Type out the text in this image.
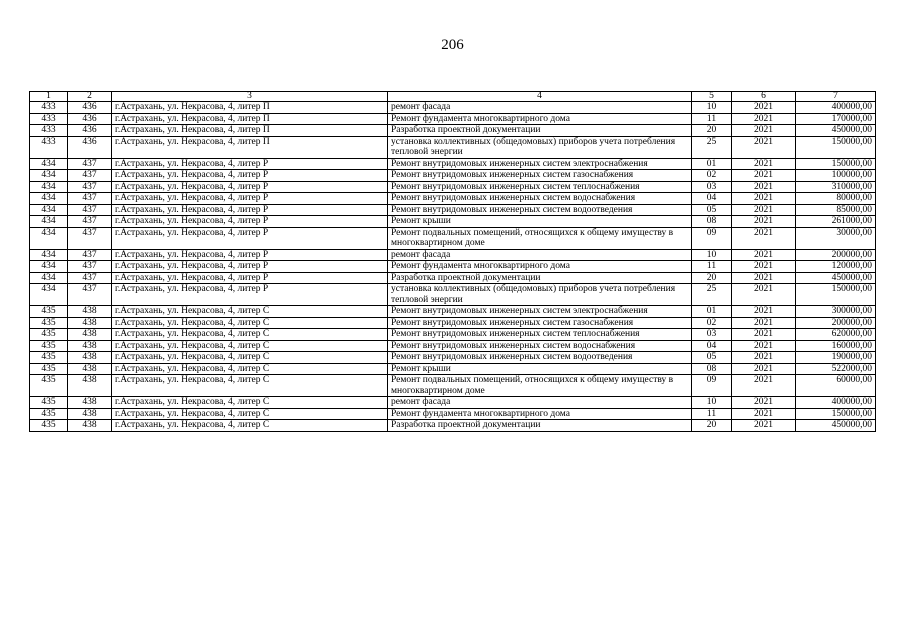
206
1	2	3	4	5	6	7
433	436	г.Астрахань, ул. Некрасова, 4, литер П	ремонт фасада	10	2021	400000,00
433	436	г.Астрахань, ул. Некрасова, 4, литер П	Ремонт фундамента многоквартирного дома	11	2021	170000,00
433	436	г.Астрахань, ул. Некрасова, 4, литер П	Разработка проектной документации	20	2021	450000,00
433	436	г.Астрахань, ул. Некрасова, 4, литер П	установка коллективных (общедомовых) приборов учета потребления тепловой энергии	25	2021	150000,00
434	437	г.Астрахань, ул. Некрасова, 4, литер Р	Ремонт внутридомовых инженерных систем электроснабжения	01	2021	150000,00
434	437	г.Астрахань, ул. Некрасова, 4, литер Р	Ремонт внутридомовых инженерных систем газоснабжения	02	2021	100000,00
434	437	г.Астрахань, ул. Некрасова, 4, литер Р	Ремонт внутридомовых инженерных систем теплоснабжения	03	2021	310000,00
434	437	г.Астрахань, ул. Некрасова, 4, литер Р	Ремонт внутридомовых инженерных систем водоснабжения	04	2021	80000,00
434	437	г.Астрахань, ул. Некрасова, 4, литер Р	Ремонт внутридомовых инженерных систем водоотведения	05	2021	85000,00
434	437	г.Астрахань, ул. Некрасова, 4, литер Р	Ремонт крыши	08	2021	261000,00
434	437	г.Астрахань, ул. Некрасова, 4, литер Р	Ремонт подвальных помещений, относящихся к общему имуществу в многоквартирном доме	09	2021	30000,00
434	437	г.Астрахань, ул. Некрасова, 4, литер Р	ремонт фасада	10	2021	200000,00
434	437	г.Астрахань, ул. Некрасова, 4, литер Р	Ремонт фундамента многоквартирного дома	11	2021	120000,00
434	437	г.Астрахань, ул. Некрасова, 4, литер Р	Разработка проектной документации	20	2021	450000,00
434	437	г.Астрахань, ул. Некрасова, 4, литер Р	установка коллективных (общедомовых) приборов учета потребления тепловой энергии	25	2021	150000,00
435	438	г.Астрахань, ул. Некрасова, 4, литер С	Ремонт внутридомовых инженерных систем электроснабжения	01	2021	300000,00
435	438	г.Астрахань, ул. Некрасова, 4, литер С	Ремонт внутридомовых инженерных систем газоснабжения	02	2021	200000,00
435	438	г.Астрахань, ул. Некрасова, 4, литер С	Ремонт внутридомовых инженерных систем теплоснабжения	03	2021	620000,00
435	438	г.Астрахань, ул. Некрасова, 4, литер С	Ремонт внутридомовых инженерных систем водоснабжения	04	2021	160000,00
435	438	г.Астрахань, ул. Некрасова, 4, литер С	Ремонт внутридомовых инженерных систем водоотведения	05	2021	190000,00
435	438	г.Астрахань, ул. Некрасова, 4, литер С	Ремонт крыши	08	2021	522000,00
435	438	г.Астрахань, ул. Некрасова, 4, литер С	Ремонт подвальных помещений, относящихся к общему имуществу в многоквартирном доме	09	2021	60000,00
435	438	г.Астрахань, ул. Некрасова, 4, литер С	ремонт фасада	10	2021	400000,00
435	438	г.Астрахань, ул. Некрасова, 4, литер С	Ремонт фундамента многоквартирного дома	11	2021	150000,00
435	438	г.Астрахань, ул. Некрасова, 4, литер С	Разработка проектной документации	20	2021	450000,00
